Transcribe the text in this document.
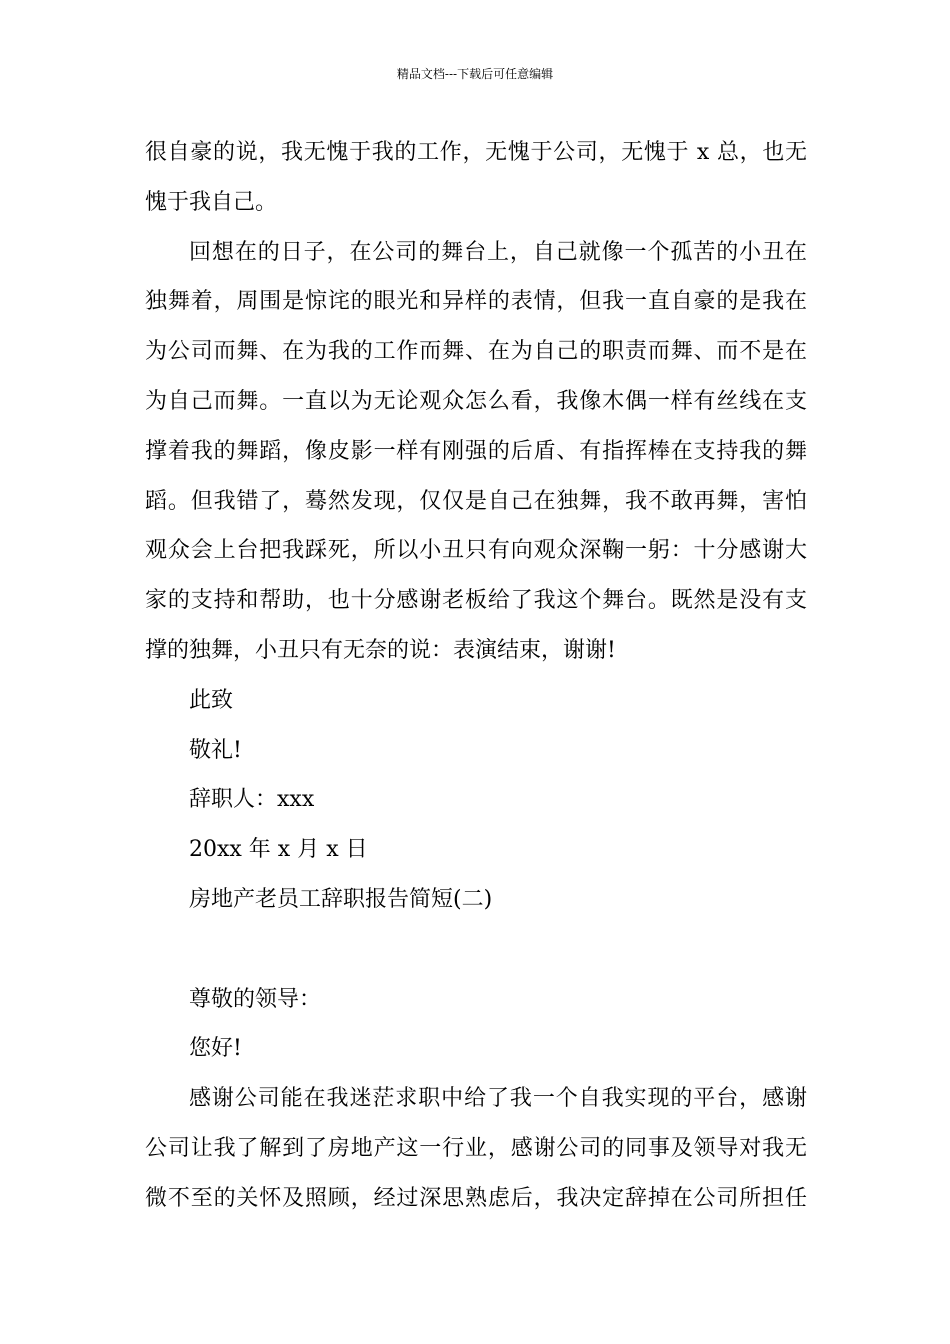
精品文档---下载后可任意编辑
很自豪的说，我无愧于我的工作，无愧于公司，无愧于 x 总，也无
愧于我自己。
回想在的日子，在公司的舞台上，自己就像一个孤苦的小丑在
独舞着，周围是惊诧的眼光和异样的表情，但我一直自豪的是我在
为公司而舞、在为我的工作而舞、在为自己的职责而舞、而不是在
为自己而舞。一直以为无论观众怎么看，我像木偶一样有丝线在支
撑着我的舞蹈，像皮影一样有刚强的后盾、有指挥棒在支持我的舞
蹈。但我错了，蓦然发现，仅仅是自己在独舞，我不敢再舞，害怕
观众会上台把我踩死，所以小丑只有向观众深鞠一躬：十分感谢大
家的支持和帮助，也十分感谢老板给了我这个舞台。既然是没有支
撑的独舞，小丑只有无奈的说：表演结束，谢谢!
此致
敬礼!
辞职人：xxx
20xx 年 x 月 x 日
房地产老员工辞职报告简短(二)
尊敬的领导：
您好!
感谢公司能在我迷茫求职中给了我一个自我实现的平台，感谢
公司让我了解到了房地产这一行业，感谢公司的同事及领导对我无
微不至的关怀及照顾，经过深思熟虑后，我决定辞掉在公司所担任
